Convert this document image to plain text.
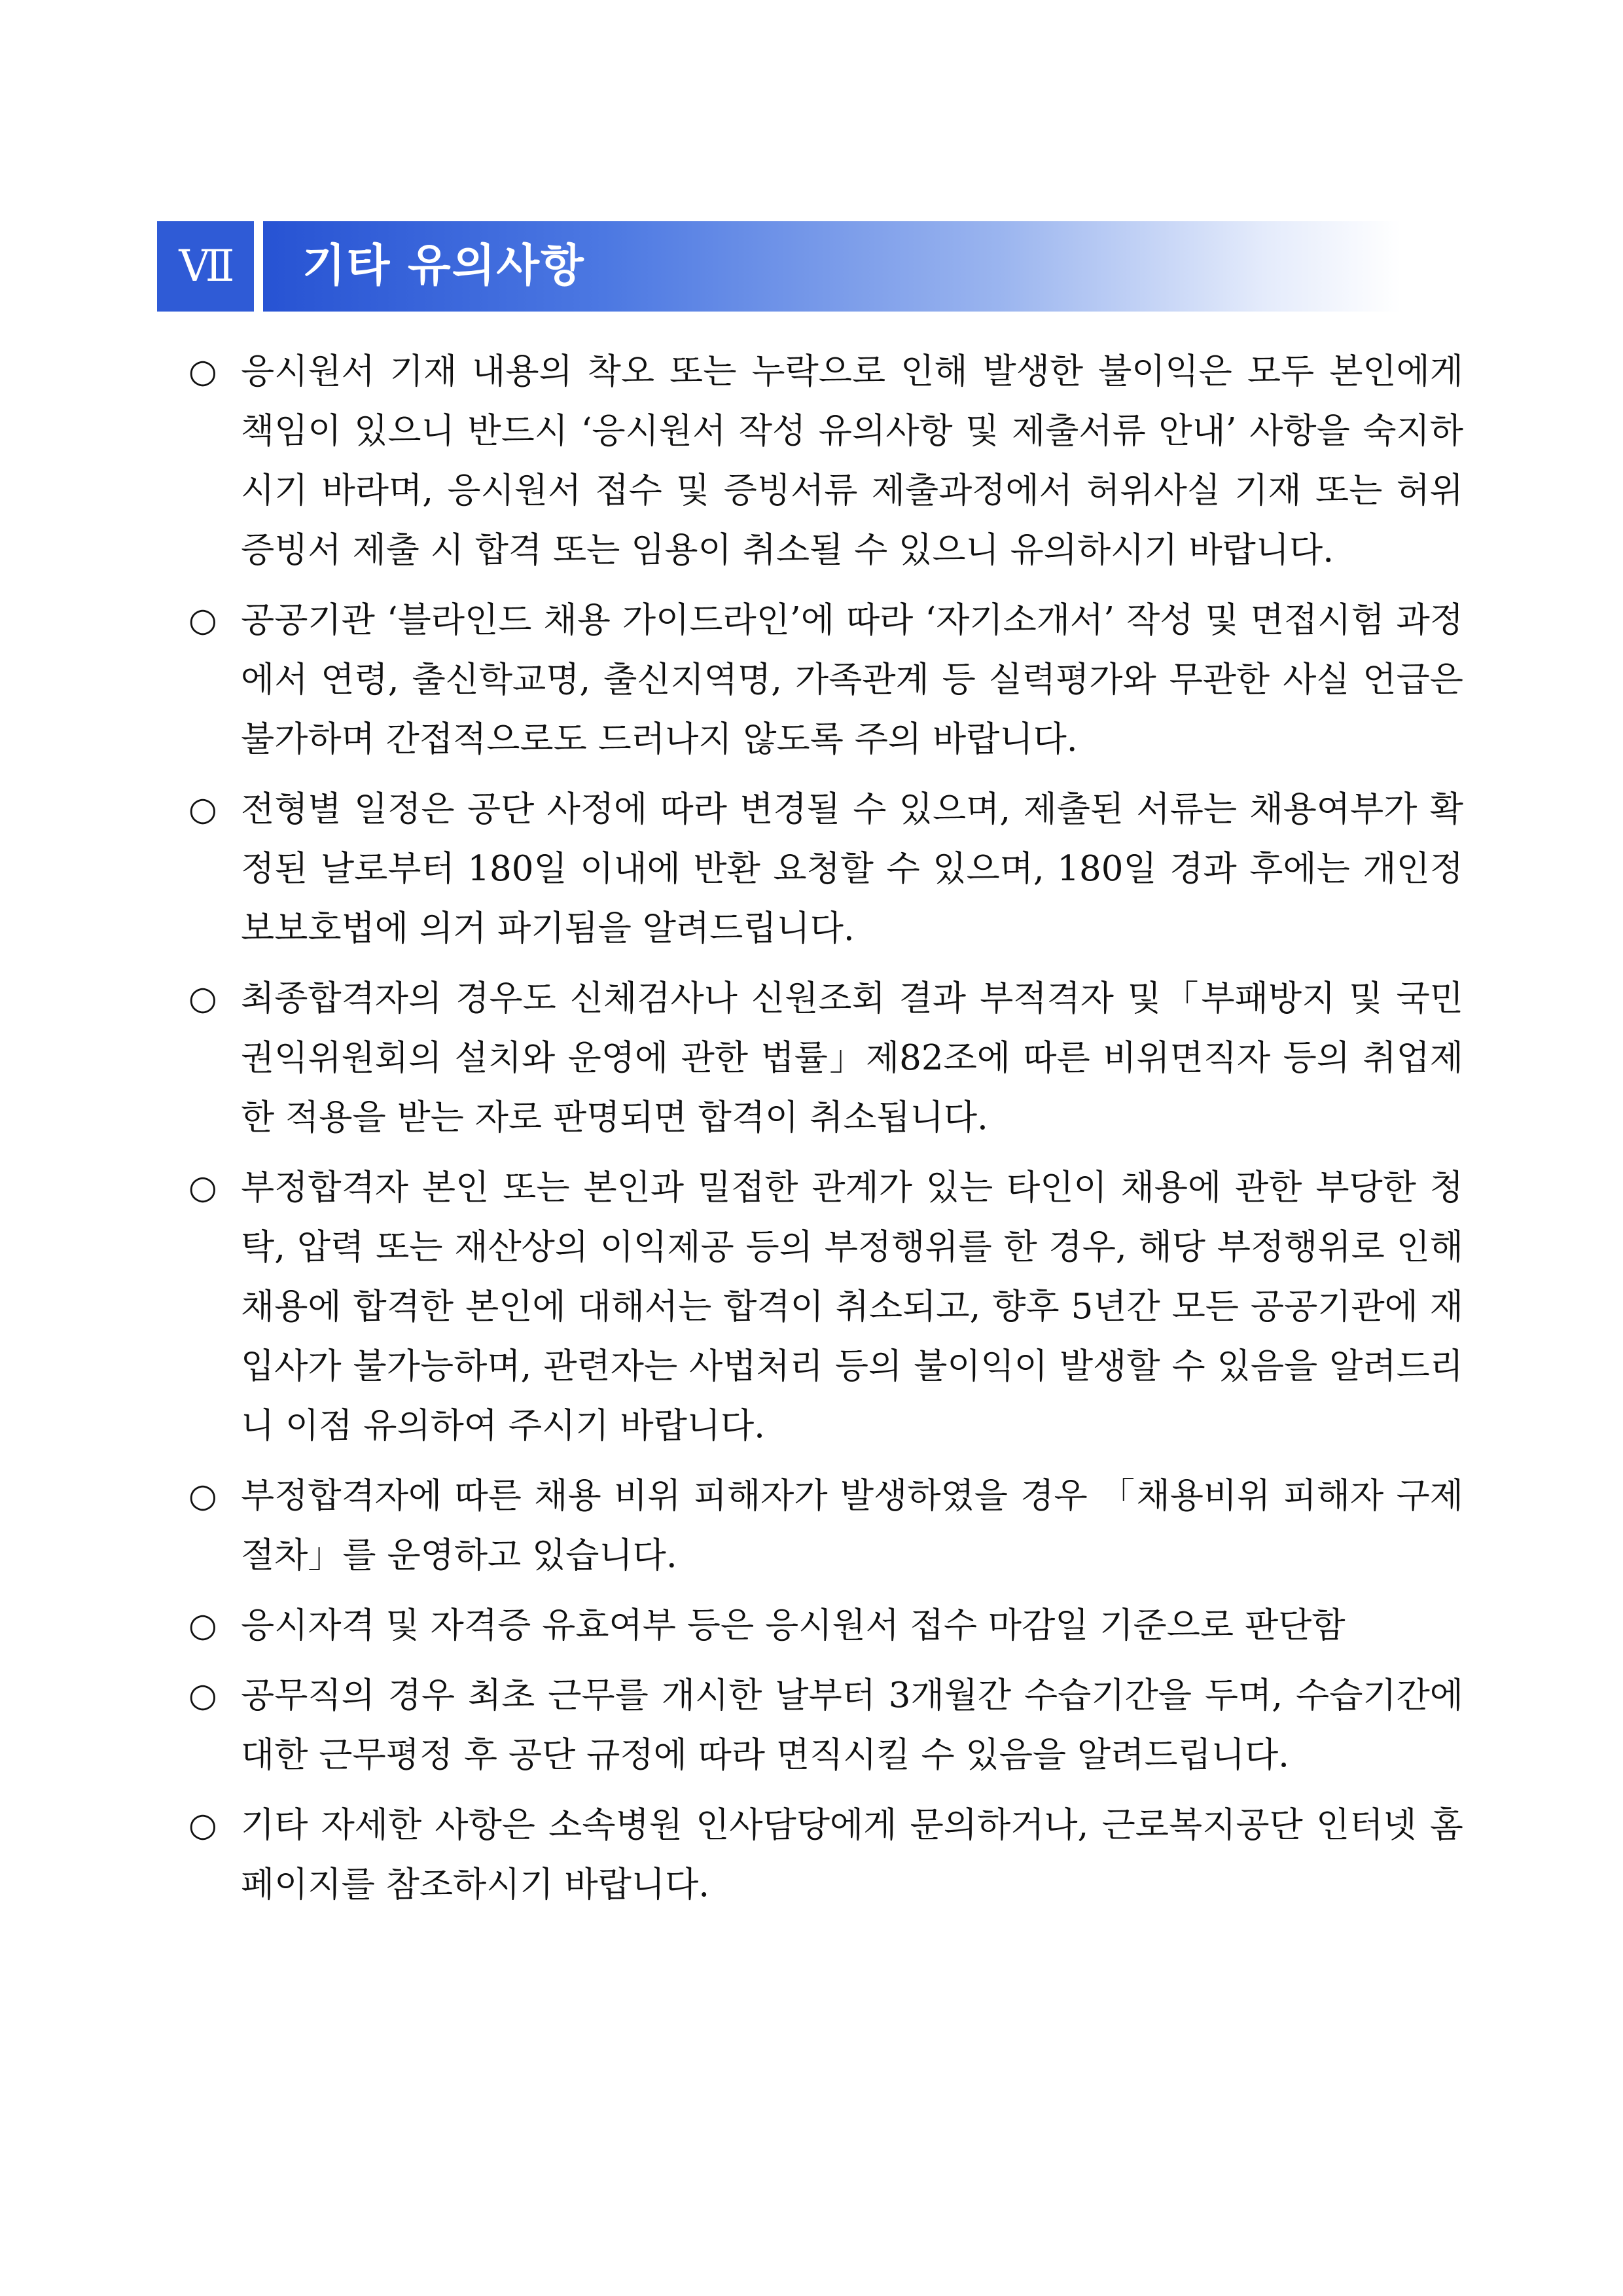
Ⅶ	기타 유의사항
○ 응시원서 기재 내용의 착오 또는 누락으로 인해 발생한 불이익은 모두 본인에게 책임이 있으니 반드시 ‘응시원서 작성 유의사항 및 제출서류 안내’ 사항을 숙지하시기 바라며, 응시원서 접수 및 증빙서류 제출과정에서 허위사실 기재 또는 허위증빙서 제출 시 합격 또는 임용이 취소될 수 있으니 유의하시기 바랍니다.
○ 공공기관 ‘블라인드 채용 가이드라인’에 따라 ‘자기소개서’ 작성 및 면접시험 과정에서 연령, 출신학교명, 출신지역명, 가족관계 등 실력평가와 무관한 사실 언급은 불가하며 간접적으로도 드러나지 않도록 주의 바랍니다.
○ 전형별 일정은 공단 사정에 따라 변경될 수 있으며, 제출된 서류는 채용여부가 확정된 날로부터 180일 이내에 반환 요청할 수 있으며, 180일 경과 후에는 개인정보보호법에 의거 파기됨을 알려드립니다.
○ 최종합격자의 경우도 신체검사나 신원조회 결과 부적격자 및「부패방지 및 국민권익위원회의 설치와 운영에 관한 법률」제82조에 따른 비위면직자 등의 취업제한 적용을 받는 자로 판명되면 합격이 취소됩니다.
○ 부정합격자 본인 또는 본인과 밀접한 관계가 있는 타인이 채용에 관한 부당한 청탁, 압력 또는 재산상의 이익제공 등의 부정행위를 한 경우, 해당 부정행위로 인해 채용에 합격한 본인에 대해서는 합격이 취소되고, 향후 5년간 모든 공공기관에 재입사가 불가능하며, 관련자는 사법처리 등의 불이익이 발생할 수 있음을 알려드리니 이점 유의하여 주시기 바랍니다.
○ 부정합격자에 따른 채용 비위 피해자가 발생하였을 경우 「채용비위 피해자 구제절차」를 운영하고 있습니다.
○ 응시자격 및 자격증 유효여부 등은 응시원서 접수 마감일 기준으로 판단함
○ 공무직의 경우 최초 근무를 개시한 날부터 3개월간 수습기간을 두며, 수습기간에 대한 근무평정 후 공단 규정에 따라 면직시킬 수 있음을 알려드립니다.
○ 기타 자세한 사항은 소속병원 인사담당에게 문의하거나, 근로복지공단 인터넷 홈페이지를 참조하시기 바랍니다.
